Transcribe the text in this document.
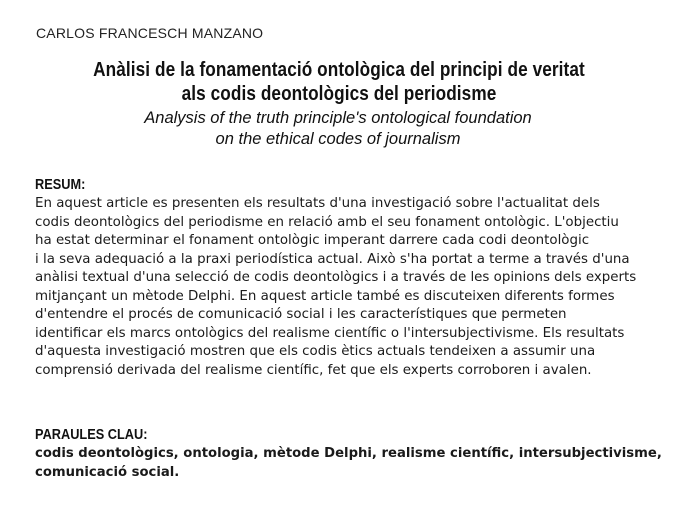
CARLOS FRANCESCH MANZANO
Anàlisi de la fonamentació ontològica del principi de veritat
als codis deontològics del periodisme
Analysis of the truth principle's ontological foundation
on the ethical codes of journalism
RESUM:
En aquest article es presenten els resultats d'una investigació sobre l'actualitat dels
codis deontològics del periodisme en relació amb el seu fonament ontològic. L'objectiu
ha estat determinar el fonament ontològic imperant darrere cada codi deontològic
i la seva adequació a la praxi periodística actual. Això s'ha portat a terme a través d'una
anàlisi textual d'una selecció de codis deontològics i a través de les opinions dels experts
mitjançant un mètode Delphi. En aquest article també es discuteixen diferents formes
d'entendre el procés de comunicació social i les característiques que permeten
identificar els marcs ontològics del realisme científic o l'intersubjectivisme. Els resultats
d'aquesta investigació mostren que els codis ètics actuals tendeixen a assumir una
comprensió derivada del realisme científic, fet que els experts corroboren i avalen.
PARAULES CLAU:
codis deontològics, ontologia, mètode Delphi, realisme científic, intersubjectivisme,
comunicació social.
